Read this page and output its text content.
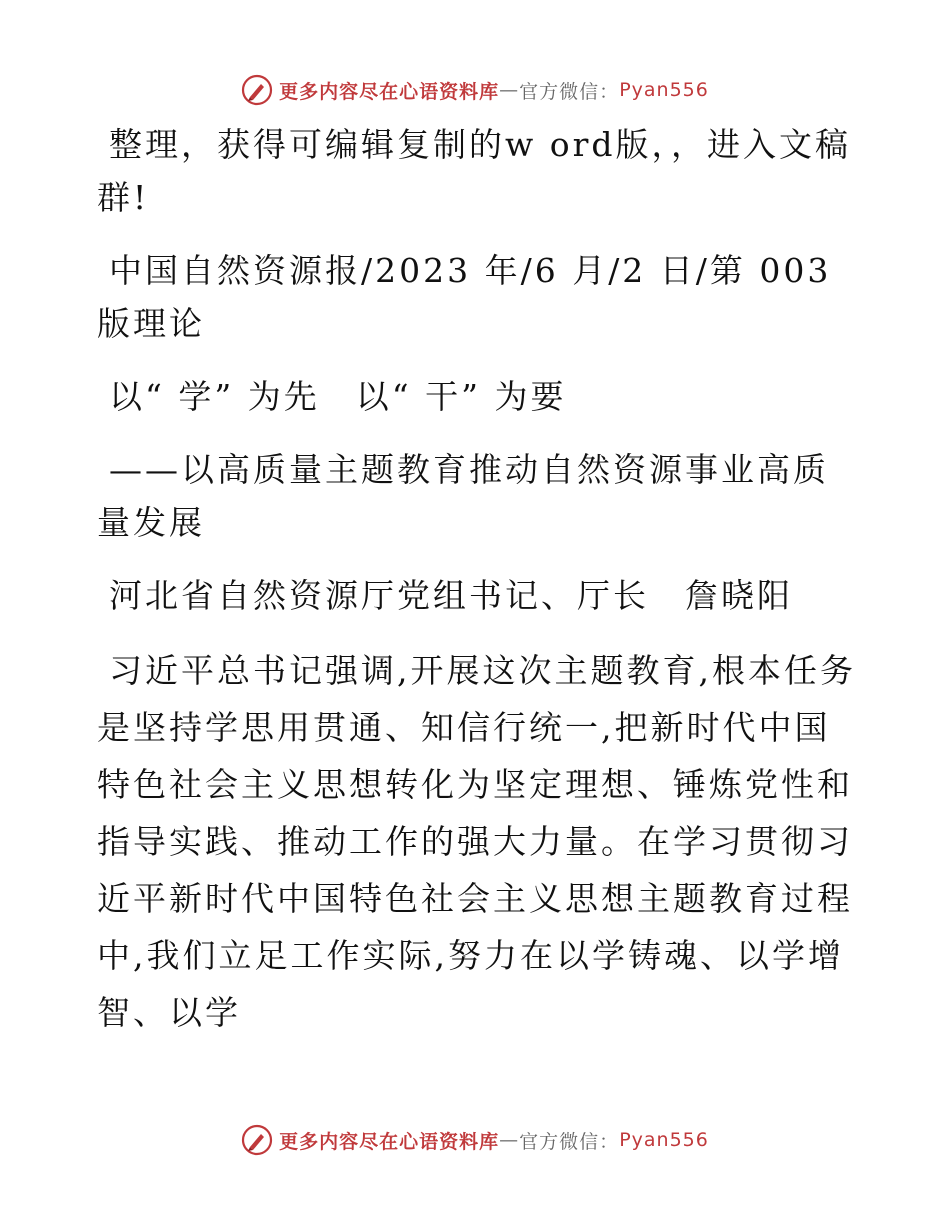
更多内容尽在心语资料库 — 官方微信： Pyan556

整理，获得可编辑复制的w ord版，，进入文稿群!

中国自然资源报/2023 年/6 月/2 日/第 003 版理论

以“ 学” 为先　以“ 干” 为要

——以高质量主题教育推动自然资源事业高质量发展

河北省自然资源厅党组书记、厅长　詹晓阳

习近平总书记强调,开展这次主题教育,根本任务是坚持学思用贯通、知信行统一,把新时代中国特色社会主义思想转化为坚定理想、锤炼党性和指导实践、推动工作的强大力量。在学习贯彻习近平新时代中国特色社会主义思想主题教育过程中,我们立足工作实际,努力在以学铸魂、以学增智、以学

更多内容尽在心语资料库 — 官方微信： Pyan556
